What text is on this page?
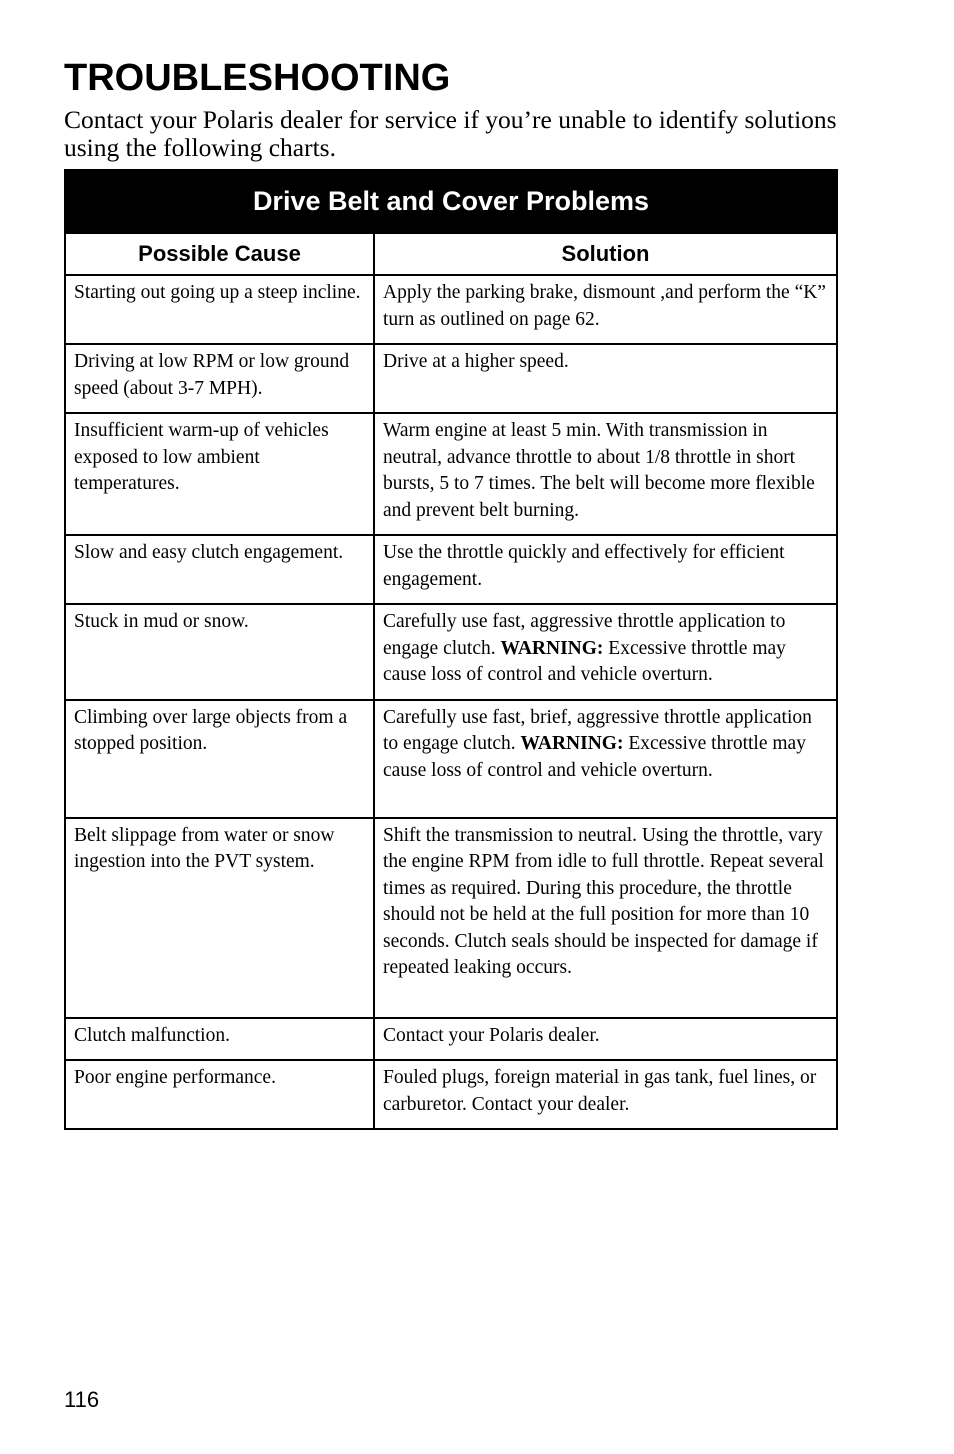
TROUBLESHOOTING

Contact your Polaris dealer for service if you’re unable to identify solutions using the following charts.

Drive Belt and Cover Problems	
Possible Cause	Solution
Starting out going up a steep incline.	Apply the parking brake, dismount ,and perform the “K” turn as outlined on page 62.
Driving at low RPM or low ground speed (about 3-7 MPH).	Drive at a higher speed.
Insufficient warm-up of vehicles exposed to low ambient temperatures.	Warm engine at least 5 min. With transmission in neutral, advance throttle to about 1/8 throttle in short bursts, 5 to 7 times. The belt will become more flexible and prevent belt burning.
Slow and easy clutch engagement.	Use the throttle quickly and effectively for efficient engagement.
Stuck in mud or snow.	Carefully use fast, aggressive throttle application to engage clutch. WARNING: Excessive throttle may cause loss of control and vehicle overturn.
Climbing over large objects from a stopped position.	Carefully use fast, brief, aggressive throttle application to engage clutch. WARNING: Excessive throttle may cause loss of control and vehicle overturn.
Belt slippage from water or snow ingestion into the PVT system.	Shift the transmission to neutral. Using the throttle, vary the engine RPM from idle to full throttle. Repeat several times as required. During this procedure, the throttle should not be held at the full position for more than 10 seconds. Clutch seals should be inspected for damage if repeated leaking occurs.
Clutch malfunction.	Contact your Polaris dealer.
Poor engine performance.	Fouled plugs, foreign material in gas tank, fuel lines, or carburetor. Contact your dealer.

116
